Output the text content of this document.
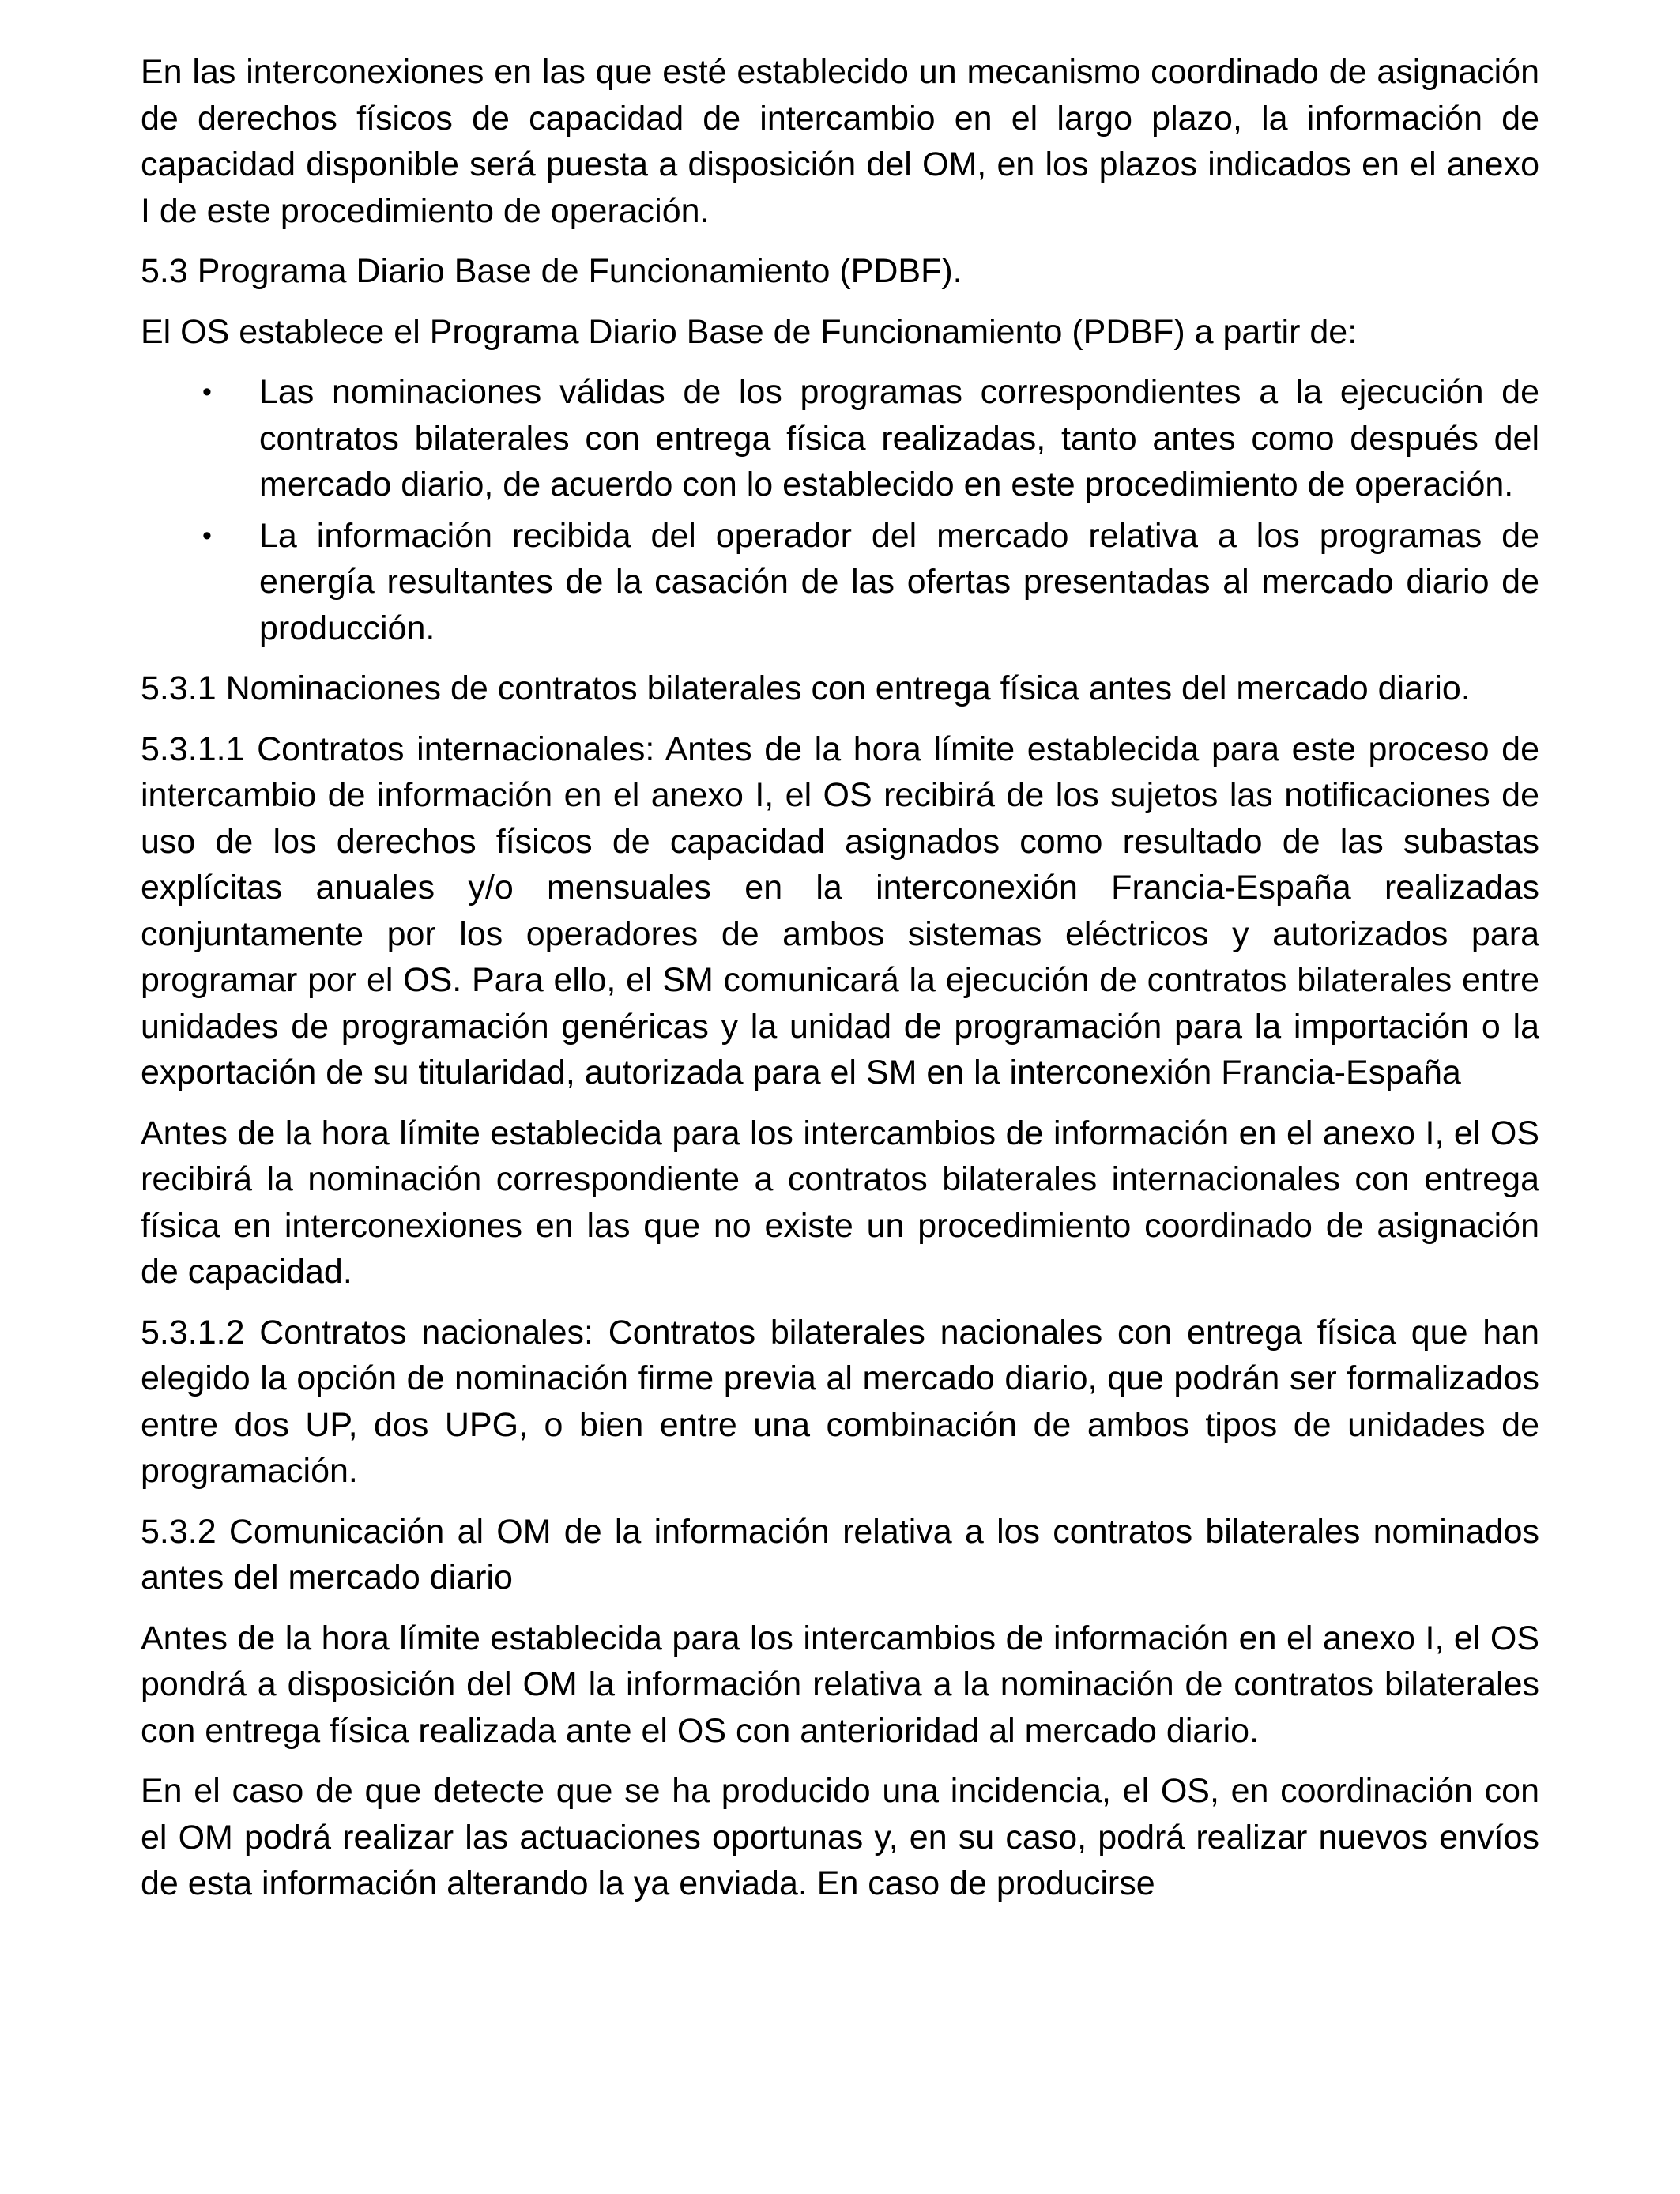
En las interconexiones en las que esté establecido un mecanismo coordinado de asignación de derechos físicos de capacidad de intercambio en el largo plazo, la información de capacidad disponible será puesta a disposición del OM, en los plazos indicados en el anexo I de este procedimiento de operación.

5.3 Programa Diario Base de Funcionamiento (PDBF).

El OS establece el Programa Diario Base de Funcionamiento (PDBF) a partir de:

• Las nominaciones válidas de los programas correspondientes a la ejecución de contratos bilaterales con entrega física realizadas, tanto antes como después del mercado diario, de acuerdo con lo establecido en este procedimiento de operación.
• La información recibida del operador del mercado relativa a los programas de energía resultantes de la casación de las ofertas presentadas al mercado diario de producción.

5.3.1 Nominaciones de contratos bilaterales con entrega física antes del mercado diario.

5.3.1.1 Contratos internacionales: Antes de la hora límite establecida para este proceso de intercambio de información en el anexo I, el OS recibirá de los sujetos las notificaciones de uso de los derechos físicos de capacidad asignados como resultado de las subastas explícitas anuales y/o mensuales en la interconexión Francia-España realizadas conjuntamente por los operadores de ambos sistemas eléctricos y autorizados para programar por el OS. Para ello, el SM comunicará la ejecución de contratos bilaterales entre unidades de programación genéricas y la unidad de programación para la importación o la exportación de su titularidad, autorizada para el SM en la interconexión Francia-España

Antes de la hora límite establecida para los intercambios de información en el anexo I, el OS recibirá la nominación correspondiente a contratos bilaterales internacionales con entrega física en interconexiones en las que no existe un procedimiento coordinado de asignación de capacidad.

5.3.1.2 Contratos nacionales: Contratos bilaterales nacionales con entrega física que han elegido la opción de nominación firme previa al mercado diario, que podrán ser formalizados entre dos UP, dos UPG, o bien entre una combinación de ambos tipos de unidades de programación.

5.3.2 Comunicación al OM de la información relativa a los contratos bilaterales nominados antes del mercado diario

Antes de la hora límite establecida para los intercambios de información en el anexo I, el OS pondrá a disposición del OM la información relativa a la nominación de contratos bilaterales con entrega física realizada ante el OS con anterioridad al mercado diario.

En el caso de que detecte que se ha producido una incidencia, el OS, en coordinación con el OM podrá realizar las actuaciones oportunas y, en su caso, podrá realizar nuevos envíos de esta información alterando la ya enviada. En caso de producirse
